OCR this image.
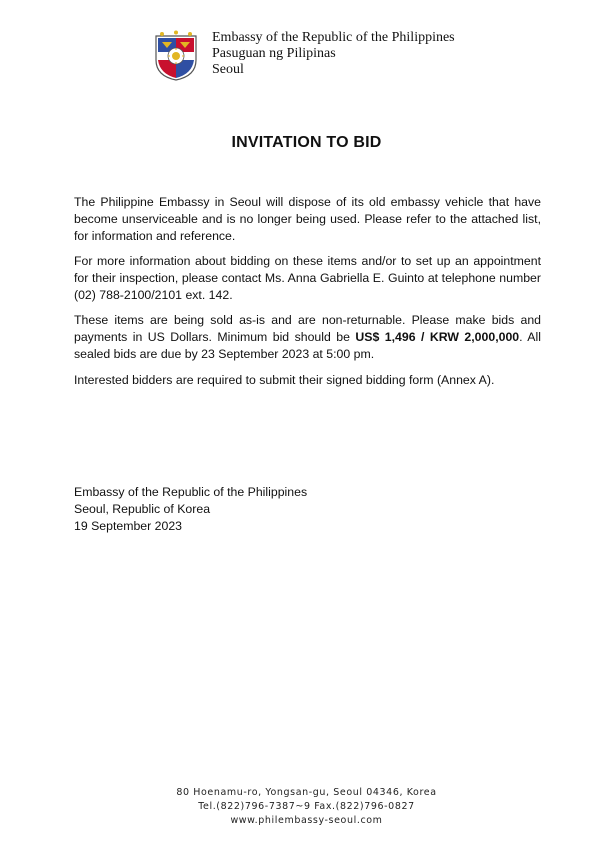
Embassy of the Republic of the Philippines
Pasuguan ng Pilipinas
Seoul
INVITATION TO BID

The Philippine Embassy in Seoul will dispose of its old embassy vehicle that have become unserviceable and is no longer being used. Please refer to the attached list, for information and reference.

For more information about bidding on these items and/or to set up an appointment for their inspection, please contact Ms. Anna Gabriella E. Guinto at telephone number (02) 788-2100/2101 ext. 142.

These items are being sold as-is and are non-returnable. Please make bids and payments in US Dollars. Minimum bid should be US$ 1,496 / KRW 2,000,000. All sealed bids are due by 23 September 2023 at 5:00 pm.

Interested bidders are required to submit their signed bidding form (Annex A).

Embassy of the Republic of the Philippines
Seoul, Republic of Korea
19 September 2023
80 Hoenamu-ro, Yongsan-gu, Seoul 04346, Korea
Tel.(822)796-7387~9 Fax.(822)796-0827
www.philembassy-seoul.com
